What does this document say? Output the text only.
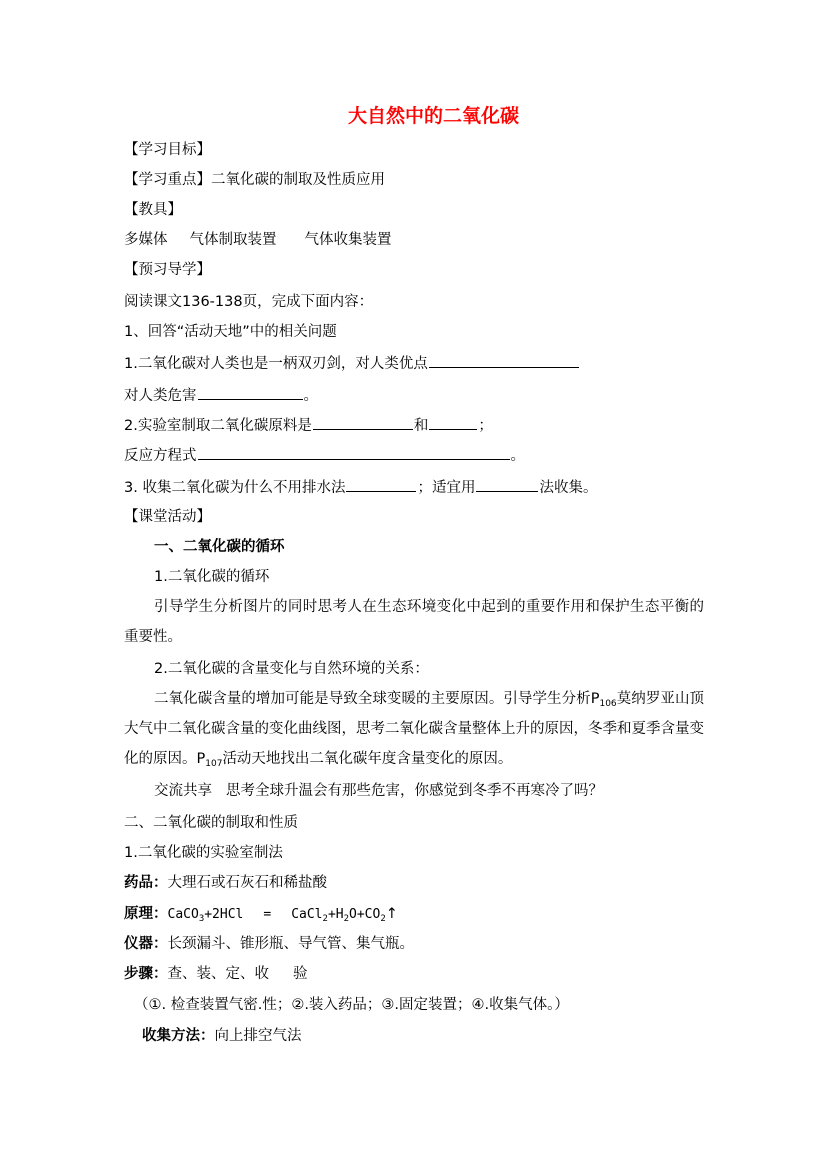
大自然中的二氧化碳
【学习目标】
【学习重点】二氧化碳的制取及性质应用
【教具】
多媒体 气体制取装置 气体收集装置
【预习导学】
阅读课文136-138页，完成下面内容：
1、回答“活动天地”中的相关问题
1.二氧化碳对人类也是一柄双刃剑，对人类优点
对人类危害	。
2.实验室制取二氧化碳原料是	和	；
反应方程式	。
3. 收集二氧化碳为什么不用排水法	；适宜用	法收集。
【课堂活动】
一、二氧化碳的循环
1.二氧化碳的循环
引导学生分析图片的同时思考人在生态环境变化中起到的重要作用和保护生态平衡的重要性。
2.二氧化碳的含量变化与自然环境的关系：
二氧化碳含量的增加可能是导致全球变暖的主要原因。引导学生分析$P_{106}$莫纳罗亚山顶大气中二氧化碳含量的变化曲线图，思考二氧化碳含量整体上升的原因，冬季和夏季含量变化的原因。$P_{107}$活动天地找出二氧化碳年度含量变化的原因。
交流共享 思考全球升温会有那些危害，你感觉到冬季不再寒冷了吗？
二、二氧化碳的制取和性质
1.二氧化碳的实验室制法
药品：大理石或石灰石和稀盐酸
原理：CaCO$_3$+2HCl = $CaCl_2+H_2O+CO_2↑$
仪器：长颈漏斗、锥形瓶、导气管、集气瓶。
步骤：查、装、定、收 验
（①. 检查装置气密.性；②.装入药品；③.固定装置；④.收集气体。）
收集方法：向上排空气法
